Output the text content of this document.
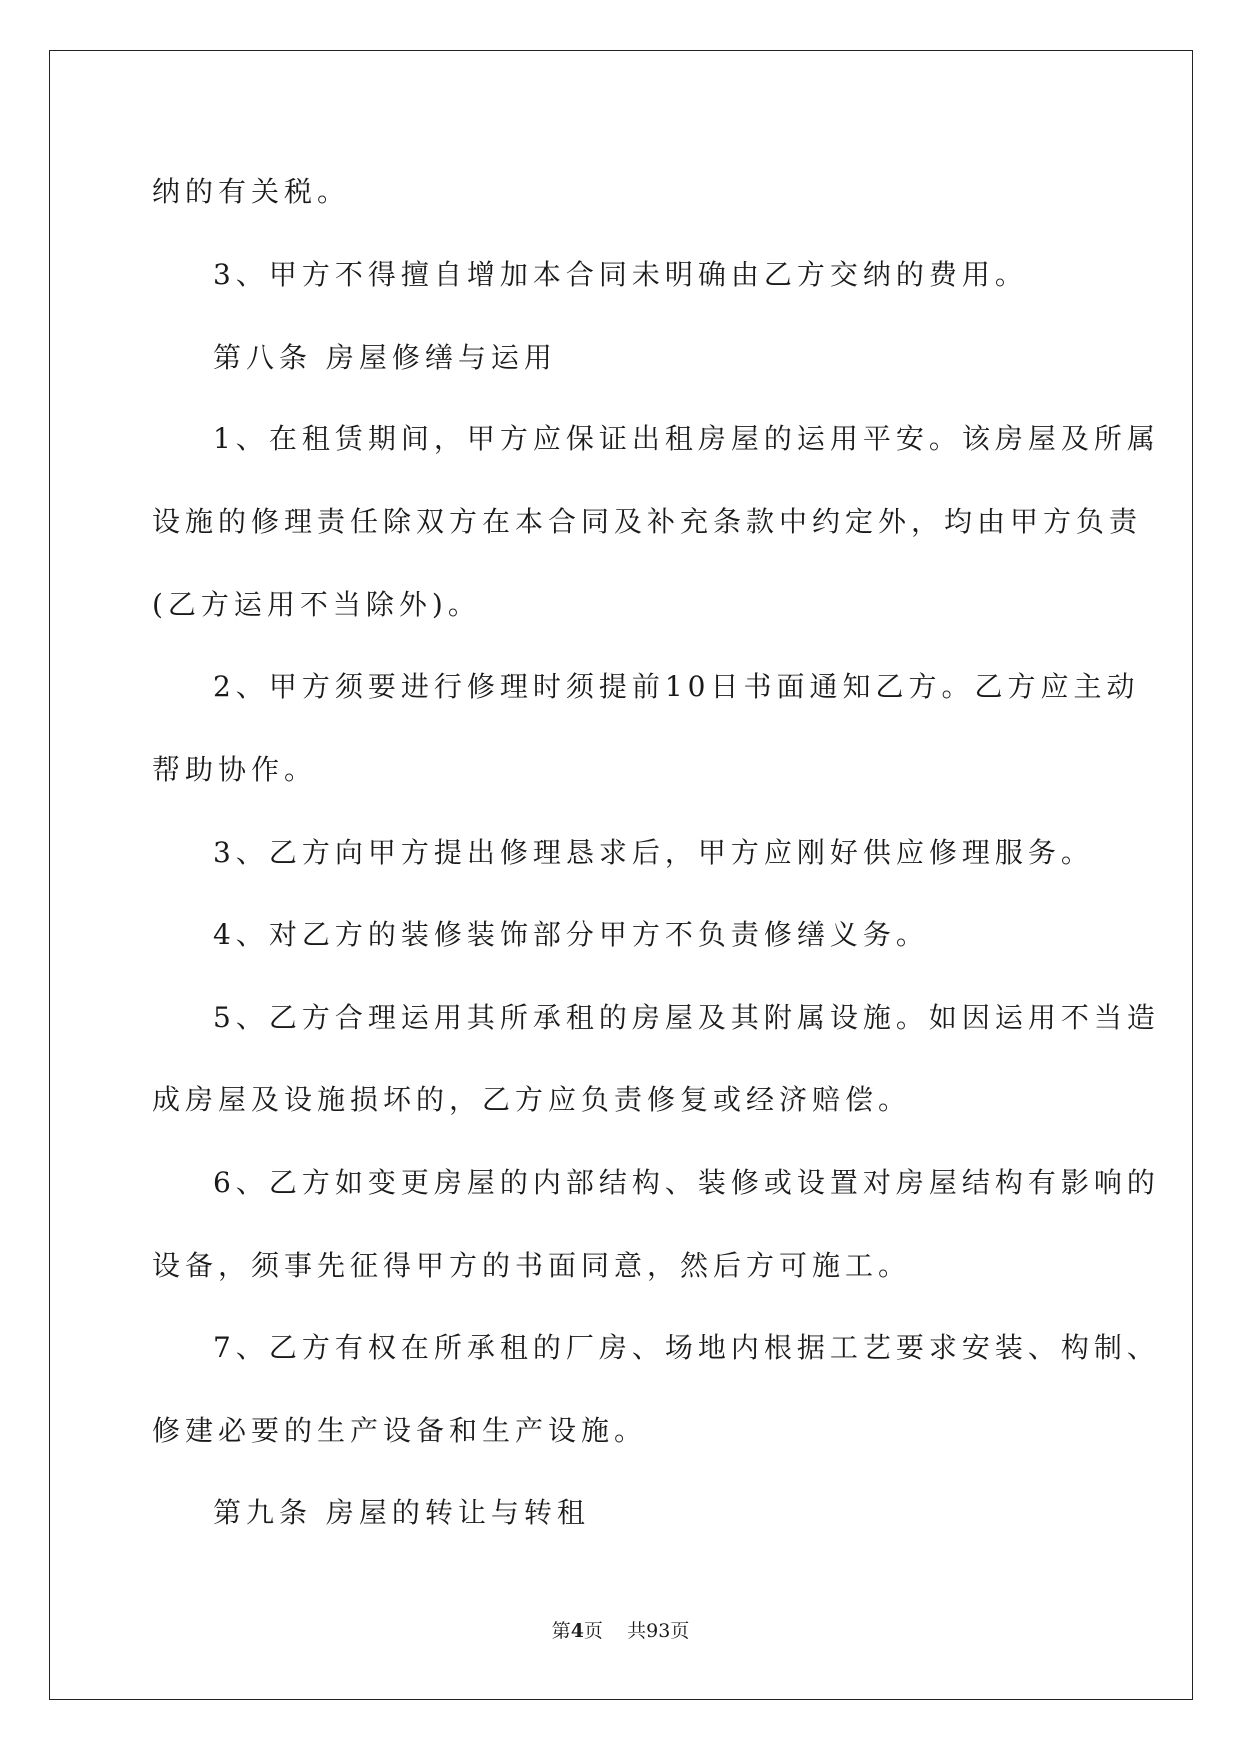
纳的有关税。

3、甲方不得擅自增加本合同未明确由乙方交纳的费用。

第八条 房屋修缮与运用

1、在租赁期间，甲方应保证出租房屋的运用平安。该房屋及所属

设施的修理责任除双方在本合同及补充条款中约定外，均由甲方负责

(乙方运用不当除外)。

2、甲方须要进行修理时须提前10日书面通知乙方。乙方应主动

帮助协作。

3、乙方向甲方提出修理恳求后，甲方应刚好供应修理服务。

4、对乙方的装修装饰部分甲方不负责修缮义务。

5、乙方合理运用其所承租的房屋及其附属设施。如因运用不当造

成房屋及设施损坏的，乙方应负责修复或经济赔偿。

6、乙方如变更房屋的内部结构、装修或设置对房屋结构有影响的

设备，须事先征得甲方的书面同意，然后方可施工。

7、乙方有权在所承租的厂房、场地内根据工艺要求安装、构制、

修建必要的生产设备和生产设施。

第九条 房屋的转让与转租

第4页 共93页
